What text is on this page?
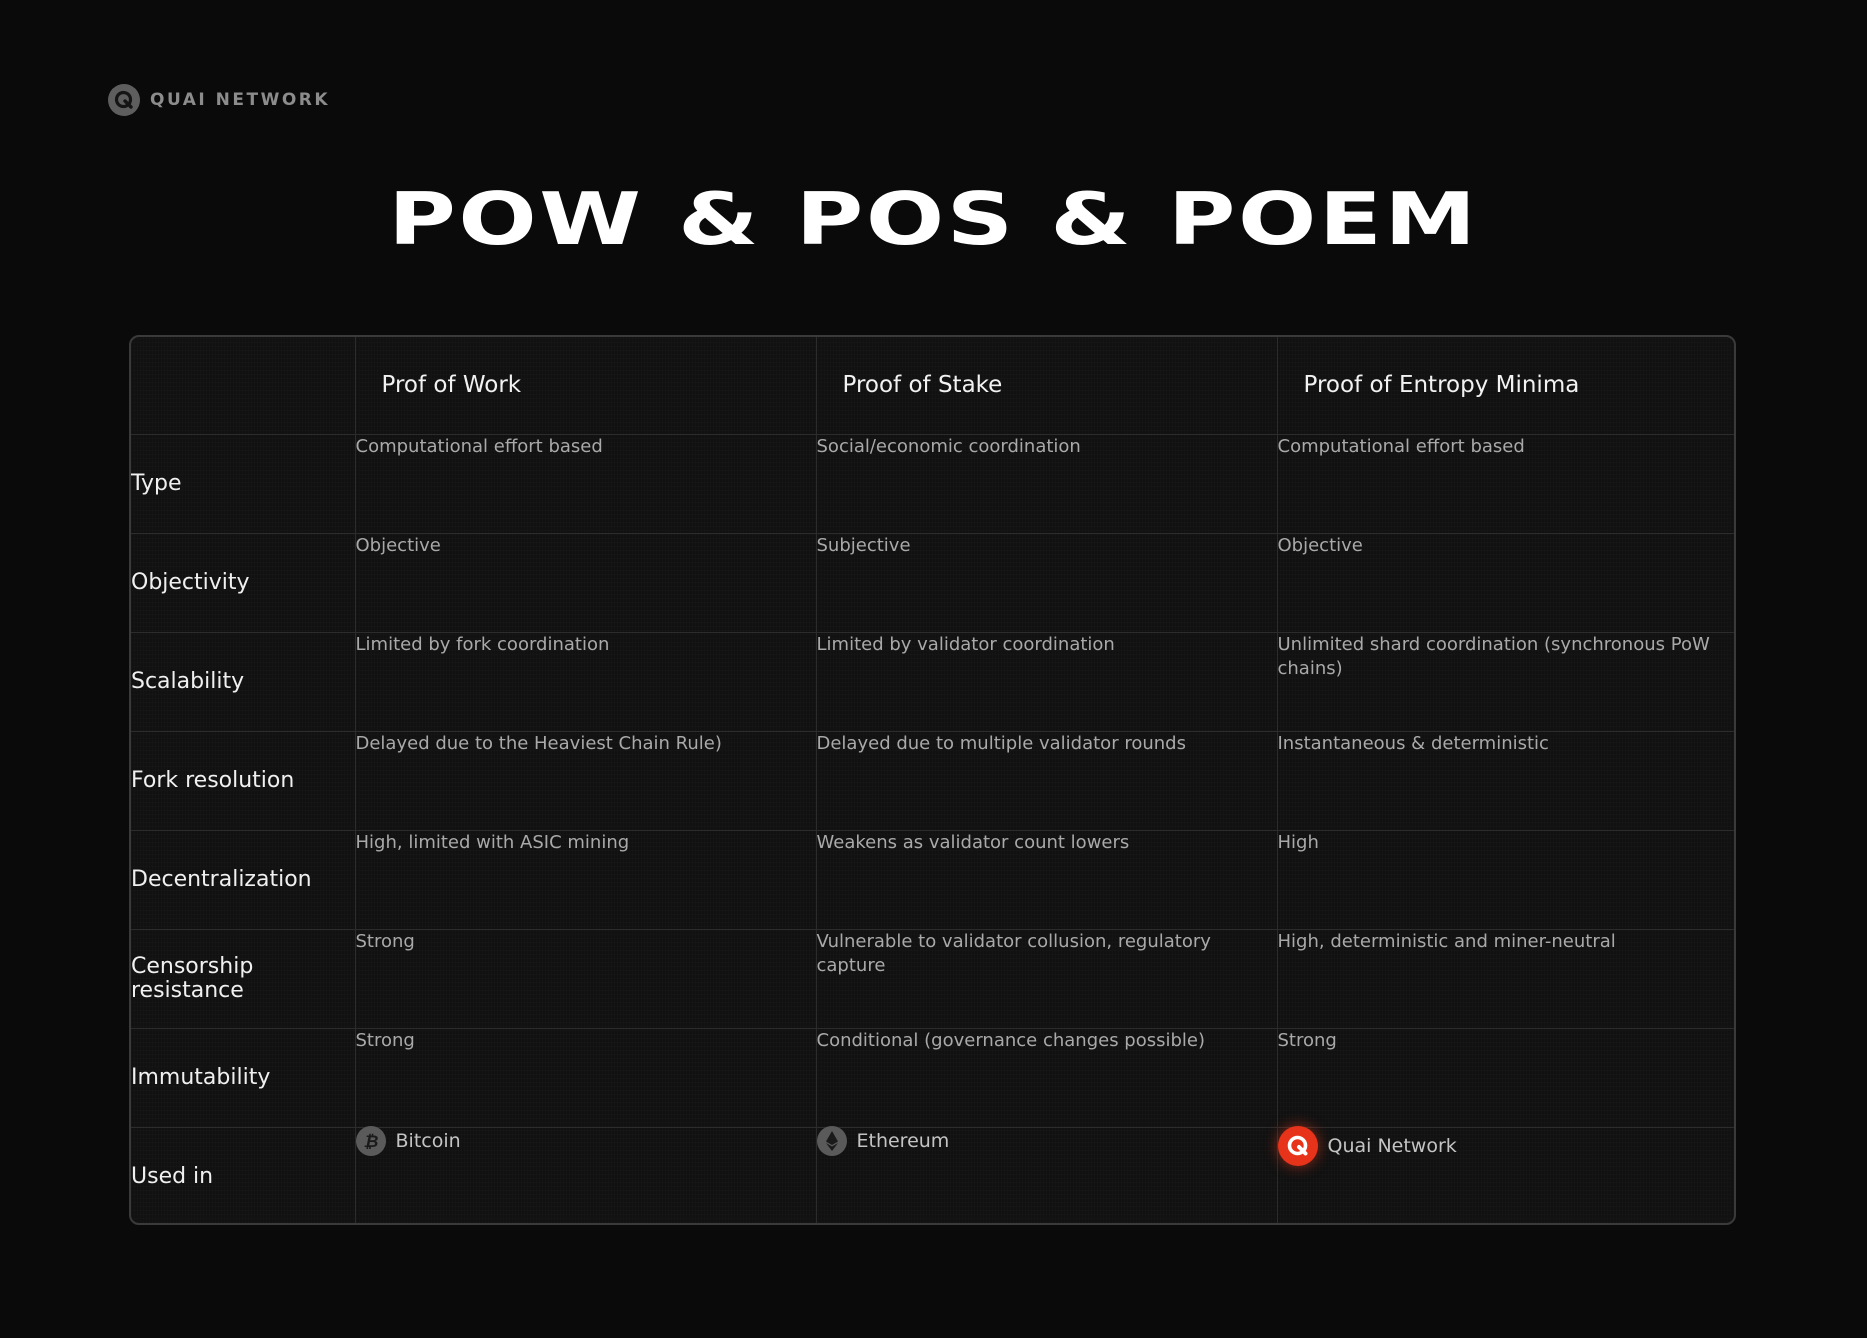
QUAI NETWORK
POW & POS & POEM
	Prof of Work	Proof of Stake	Proof of Entropy Minima
Type	Computational effort based	Social/economic coordination	Computational effort based
Objectivity	Objective	Subjective	Objective
Scalability	Limited by fork coordination	Limited by validator coordination	Unlimited shard coordination (synchronous PoW chains)
Fork resolution	Delayed due to the Heaviest Chain Rule)	Delayed due to multiple validator rounds	Instantaneous & deterministic
Decentralization	High, limited with ASIC mining	Weakens as validator count lowers	High
Censorship resistance	Strong	Vulnerable to validator collusion, regulatory capture	High, deterministic and miner-neutral
Immutability	Strong	Conditional (governance changes possible)	Strong
Used in	₿ Bitcoin	Ethereum	Quai Network
